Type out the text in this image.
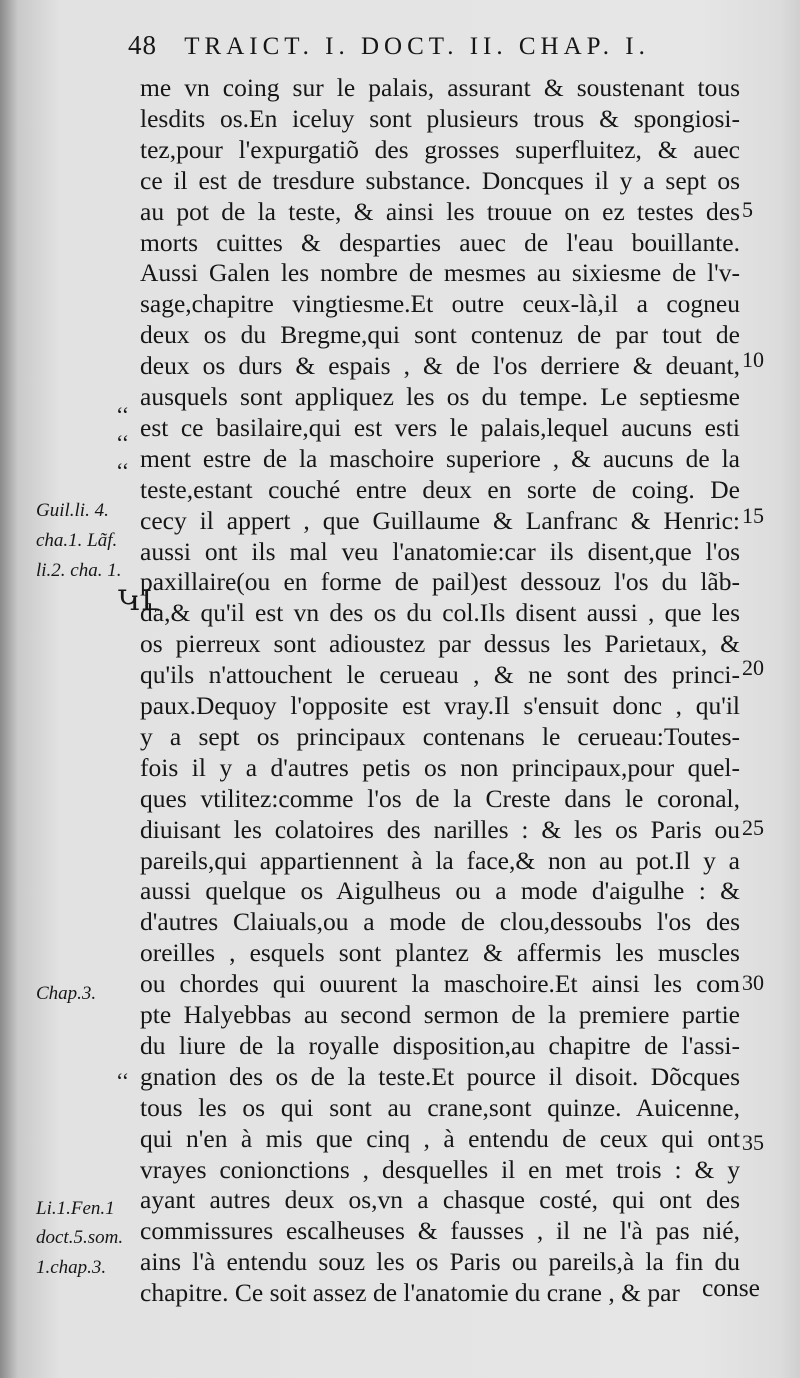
48 TRAICT. I. DOCT. II. CHAP. I.
me vn coing sur le palais, assurant & soustenant tous
lesdits os.En iceluy sont plusieurs trous & spongiosi-
tez,pour l'expurgatiõ des grosses superfluitez, & auec
ce il est de tresdure substance. Doncques il y a sept os
au pot de la teste, & ainsi les trouue on ez testes des
morts cuittes & desparties auec de l'eau bouillante.
Aussi Galen les nombre de mesmes au sixiesme de l'v-
sage,chapitre vingtiesme.Et outre ceux-là,il a cogneu
deux os du Bregme,qui sont contenuz de par tout de
deux os durs & espais , & de l'os derriere & deuant,
ausquels sont appliquez les os du tempe. Le septiesme
est ce basilaire,qui est vers le palais,lequel aucuns esti
ment estre de la maschoire superiore , & aucuns de la
teste,estant couché entre deux en sorte de coing. De
cecy il appert , que Guillaume & Lanfranc & Henric:
aussi ont ils mal veu l'anatomie:car ils disent,que l'os
paxillaire(ou en forme de pail)est dessouz l'os du lãb-
da,& qu'il est vn des os du col.Ils disent aussi , que les
os pierreux sont adioustez par dessus les Parietaux, &
qu'ils n'attouchent le cerueau , & ne sont des princi-
paux.Dequoy l'opposite est vray.Il s'ensuit donc , qu'il
y a sept os principaux contenans le cerueau:Toutes-
fois il y a d'autres petis os non principaux,pour quel-
ques vtilitez:comme l'os de la Creste dans le coronal,
diuisant les colatoires des narilles : & les os Paris ou
pareils,qui appartiennent à la face,& non au pot.Il y a
aussi quelque os Aigulheus ou a mode d'aigulhe : &
d'autres Claiuals,ou a mode de clou,dessoubs l'os des
oreilles , esquels sont plantez & affermis les muscles
ou chordes qui ouurent la maschoire.Et ainsi les com
pte Halyebbas au second sermon de la premiere partie
du liure de la royalle disposition,au chapitre de l'assi-
gnation des os de la teste.Et pource il disoit. Dõcques
tous les os qui sont au crane,sont quinze. Auicenne,
qui n'en à mis que cinq , à entendu de ceux qui ont
vrayes conionctions , desquelles il en met trois : & y
ayant autres deux os,vn a chasque costé, qui ont des
commissures escalheuses & fausses , il ne l'à pas nié,
ains l'à entendu souz les os Paris ou pareils,à la fin du
chapitre. Ce soit assez de l'anatomie du crane , & par conse
5
10
15
20
25
30
35
‘‘
‘‘
‘‘
‘‘
Guil.li. 4.
cha.1. Lãf.
li.2. cha. 1.
Chap.3.
Li.1.Fen.1
doct.5.som.
1.chap.3.
ԿԼ
